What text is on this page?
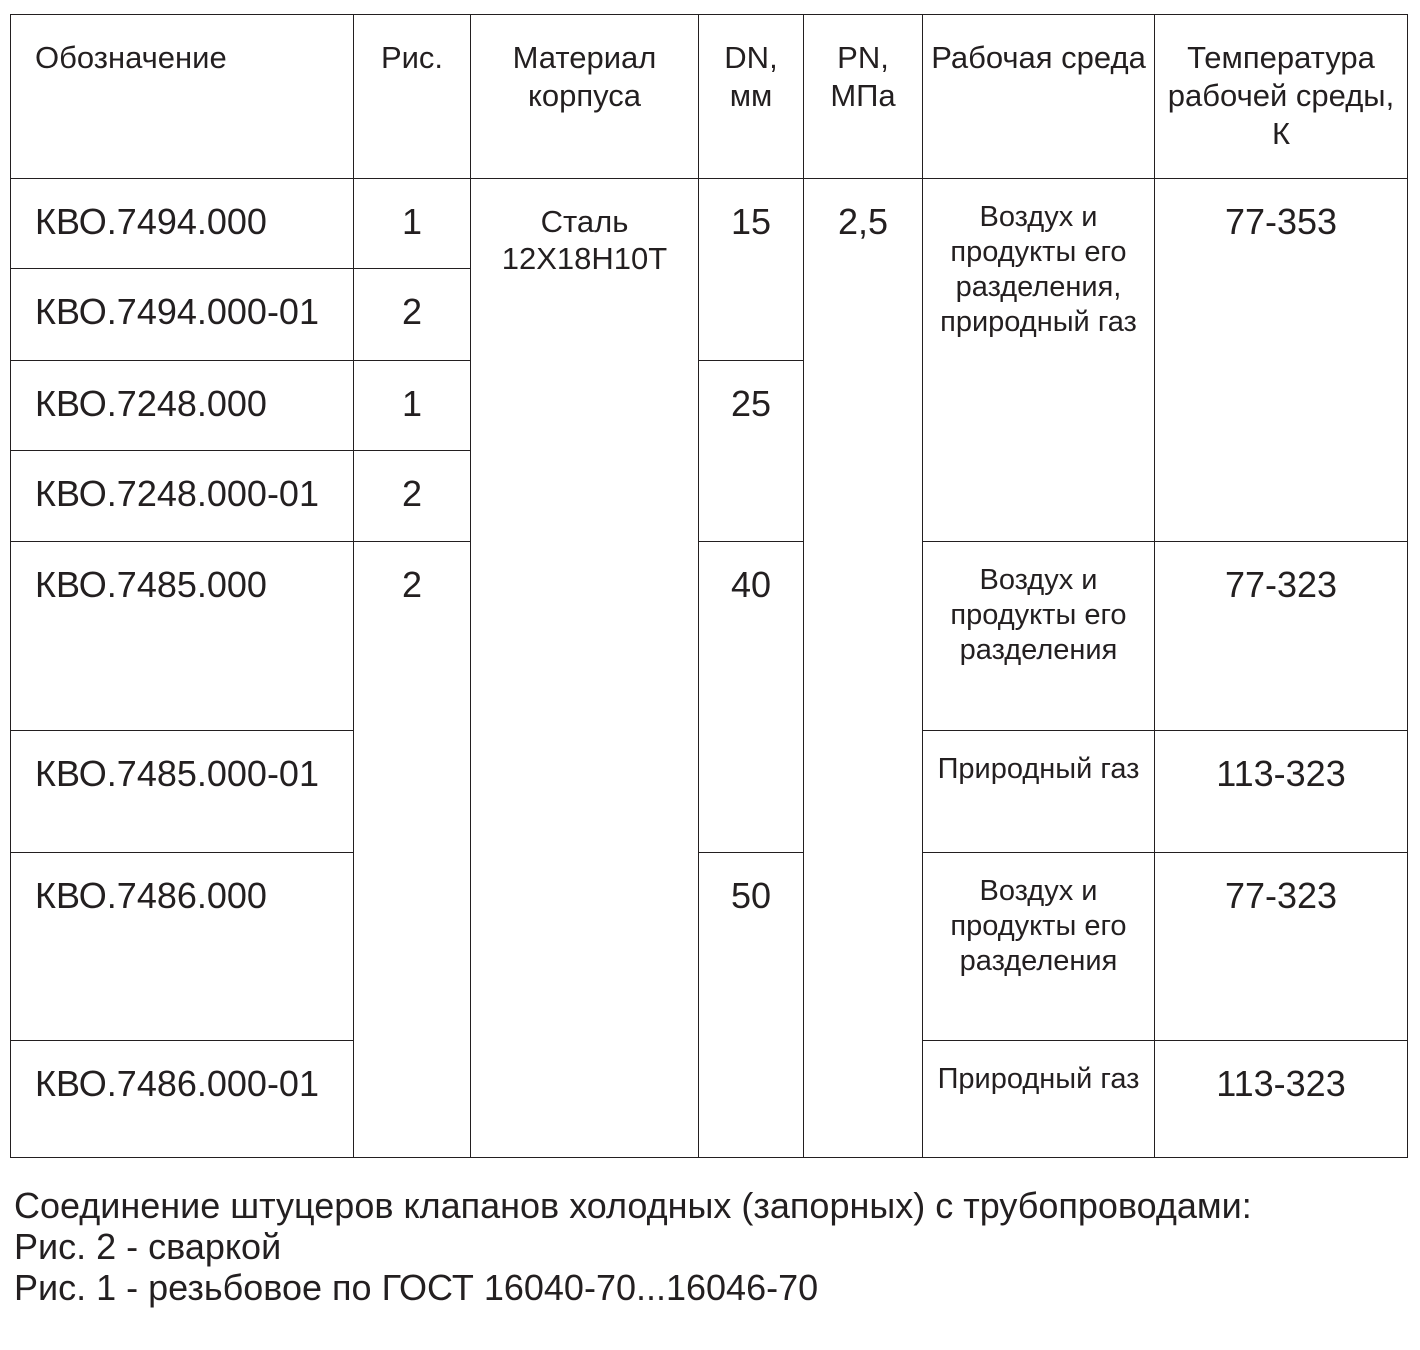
Обозначение	Рис.	Материал корпуса	DN, мм	PN, МПа	Рабочая среда	Температура рабочей среды, К
КВО.7494.000	1	Сталь 12Х18Н10Т	15	2,5	Воздух и продукты его разделения, природный газ	77-353
КВО.7494.000-01	2					
КВО.7248.000	1		25			
КВО.7248.000-01	2					
КВО.7485.000	2		40		Воздух и продукты его разделения	77-323
КВО.7485.000-01					Природный газ	113-323
КВО.7486.000			50		Воздух и продукты его разделения	77-323
КВО.7486.000-01					Природный газ	113-323
Соединение штуцеров клапанов холодных (запорных) с трубопроводами:
Рис. 2 - сваркой
Рис. 1 - резьбовое по ГОСТ 16040-70...16046-70
